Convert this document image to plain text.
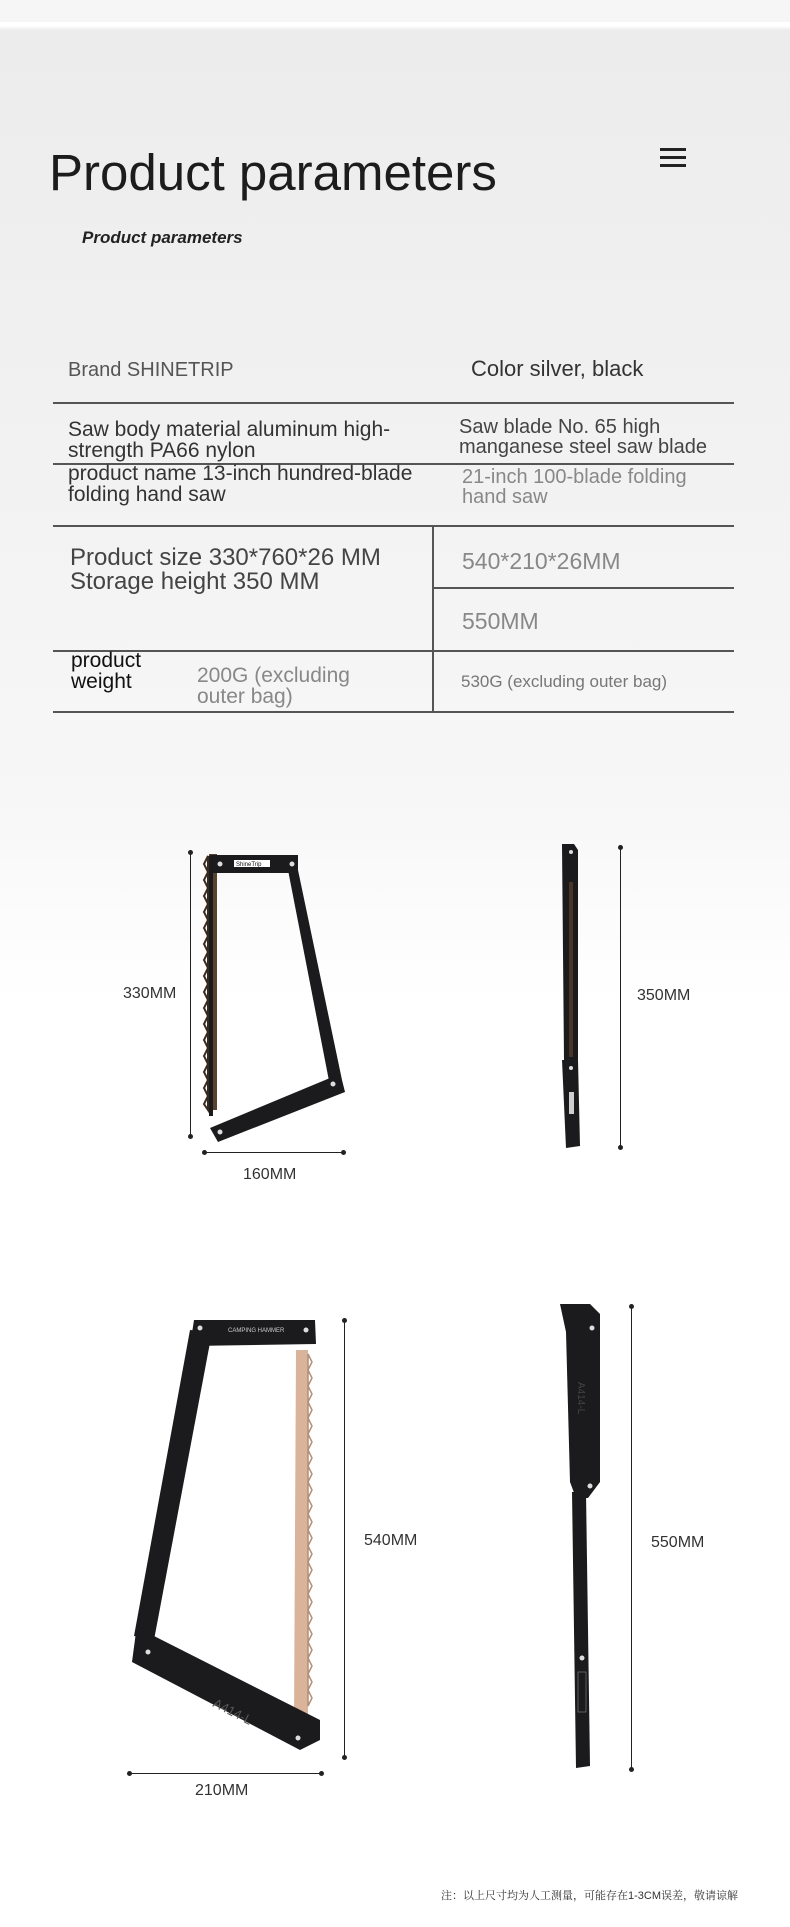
Product parameters
Product parameters
Brand SHINETRIP	Color silver, black
Saw body material aluminum high-strength PA66 nylon
Saw blade No. 65 high manganese steel saw blade
product name 13-inch hundred-blade folding hand saw
21-inch 100-blade folding hand saw
Product size 330*760*26 MM Storage height 350 MM
540*210*26MM
550MM
product weight	200G (excluding outer bag)
530G (excluding outer bag)
ShineTrip
330MM
160MM
350MM
CAMPING HAMMER
A414-L
A414-L
540MM
210MM
550MM
注：以上尺寸均为人工测量，可能存在1-3CM误差，敬请谅解
